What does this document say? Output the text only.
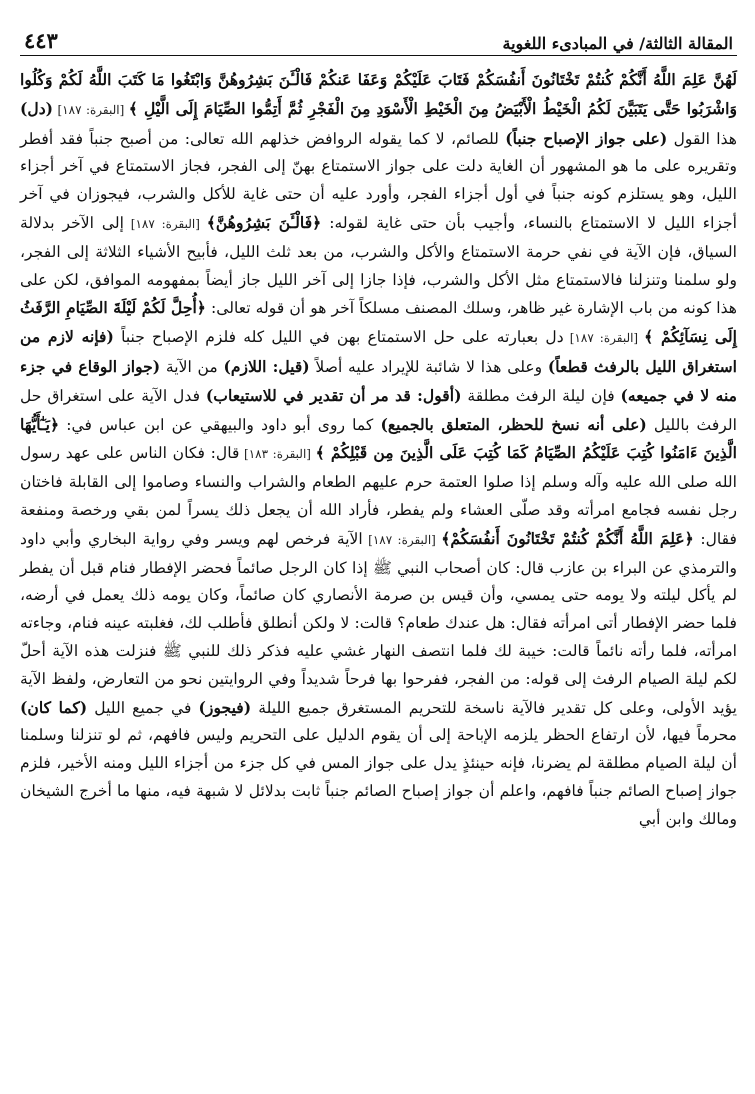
المقالة الثالثة/ في المبادىء اللغوية
٤٤٣

لَهُنَّ عَلِمَ اللَّهُ أَنَّكُمْ كُنتُمْ تَخْتَانُونَ أَنفُسَكُمْ فَتَابَ عَلَيْكُمْ وَعَفَا عَنكُمْ فَالْـَٔنَ بَشِرُوهُنَّ وَابْتَغُوا مَا كَتَبَ اللَّهُ لَكُمْ وَكُلُوا وَاشْرَبُوا حَتَّى يَتَبَيَّنَ لَكُمُ الْخَيْطُ الْأَبْيَضُ مِنَ الْخَيْطِ الْأَسْوَدِ مِنَ الْفَجْرِ ثُمَّ أَتِمُّوا الصِّيَامَ إِلَى الَّيْلِ ﴾ [البقرة: ١٨٧] (دل) هذا القول (على جواز الإصباح جنباً) للصائم، لا كما يقوله الروافض خذلهم الله تعالى: من أصبح جنباً فقد أفطر وتقريره على ما هو المشهور أن الغاية دلت على جواز الاستمتاع بهنّ إلى الفجر، فجاز الاستمتاع في آخر أجزاء الليل، وهو يستلزم كونه جنباً في أول أجزاء الفجر، وأورد عليه أن حتى غاية للأكل والشرب، فيجوزان في آخر أجزاء الليل لا الاستمتاع بالنساء، وأجيب بأن حتى غاية لقوله: ﴿فَالْـَٔنَ بَشِرُوهُنَّ﴾ [البقرة: ١٨٧] إلى الآخر بدلالة السياق، فإن الآية في نفي حرمة الاستمتاع والأكل والشرب، من بعد ثلث الليل، فأبيح الأشياء الثلاثة إلى الفجر، ولو سلمنا وتنزلنا فالاستمتاع مثل الأكل والشرب، فإذا جازا إلى آخر الليل جاز أيضاً بمفهومه الموافق، لكن على هذا كونه من باب الإشارة غير ظاهر، وسلك المصنف مسلكاً آخر هو أن قوله تعالى: ﴿أُحِلَّ لَكُمْ لَيْلَةَ الصِّيَامِ الرَّفَثُ إِلَى نِسَآئِكُمْ ﴾ [البقرة: ١٨٧] دل بعبارته على حل الاستمتاع بهن في الليل كله فلزم الإصباح جنباً (فإنه لازم من استغراق الليل بالرفث قطعاً) وعلى هذا لا شائبة للإيراد عليه أصلاً (قيل: اللازم) من الآية (جواز الوقاع في جزء منه لا في جميعه) فإن ليلة الرفث مطلقة (أقول: قد مر أن تقدير في للاستيعاب) فدل الآية على استغراق حل الرفث بالليل (على أنه نسخ للحظر، المتعلق بالجميع) كما روى أبو داود والبيهقي عن ابن عباس في: ﴿يَـٰٓأَيُّهَا الَّذِينَ ءَامَنُوا كُتِبَ عَلَيْكُمُ الصِّيَامُ كَمَا كُتِبَ عَلَى الَّذِينَ مِن قَبْلِكُمْ ﴾ [البقرة: ١٨٣] قال: فكان الناس على عهد رسول الله صلى الله عليه وآله وسلم إذا صلوا العتمة حرم عليهم الطعام والشراب والنساء وصاموا إلى القابلة فاختان رجل نفسه فجامع امرأته وقد صلّى العشاء ولم يفطر، فأراد الله أن يجعل ذلك يسراً لمن بقي ورخصة ومنفعة فقال: ﴿عَلِمَ اللَّهُ أَنَّكُمْ كُنتُمْ تَخْتَانُونَ أَنفُسَكُمْ﴾ [البقرة: ١٨٧] الآية فرخص لهم ويسر وفي رواية البخاري وأبي داود والترمذي عن البراء بن عازب قال: كان أصحاب النبي ﷺ إذا كان الرجل صائماً فحضر الإفطار فنام قبل أن يفطر لم يأكل ليلته ولا يومه حتى يمسي، وأن قيس بن صرمة الأنصاري كان صائماً، وكان يومه ذلك يعمل في أرضه، فلما حضر الإفطار أتى امرأته فقال: هل عندك طعام؟ قالت: لا ولكن أنطلق فأطلب لك، فغلبته عينه فنام، وجاءته امرأته، فلما رأته نائماً قالت: خيبة لك فلما انتصف النهار غشي عليه فذكر ذلك للنبي ﷺ فنزلت هذه الآية أحلّ لكم ليلة الصيام الرفث إلى قوله: من الفجر، ففرحوا بها فرحاً شديداً وفي الروايتين نحو من التعارض، ولفظ الآية يؤيد الأولى، وعلى كل تقدير فالآية ناسخة للتحريم المستغرق جميع الليلة (فيجوز) في جميع الليل (كما كان) محرماً فيها، لأن ارتفاع الحظر يلزمه الإباحة إلى أن يقوم الدليل على التحريم وليس فافهم، ثم لو تنزلنا وسلمنا أن ليلة الصيام مطلقة لم يضرنا، فإنه حينئذٍ يدل على جواز المس في كل جزء من أجزاء الليل ومنه الأخير، فلزم جواز إصباح الصائم جنباً فافهم، واعلم أن جواز إصباح الصائم جنباً ثابت بدلائل لا شبهة فيه، منها ما أخرج الشيخان ومالك وابن أبي
